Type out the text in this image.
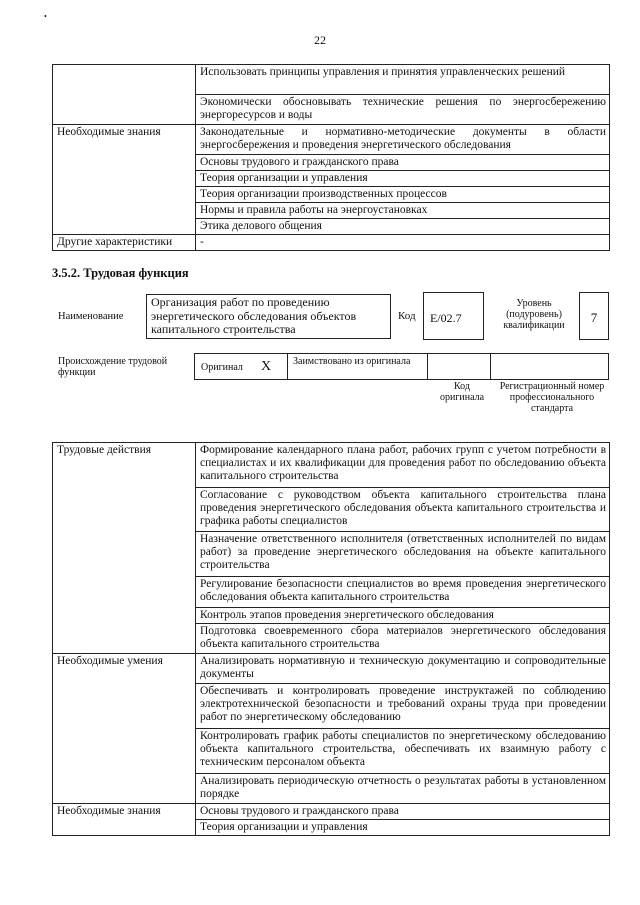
•
22
	Использовать принципы управления и принятия управленческих решений
	Экономически обосновывать технические решения по энергосбережению энергоресурсов и воды
Необходимые знания	Законодательные и нормативно-методические документы в области энергосбережения и проведения энергетического обследования
	Основы трудового и гражданского права
	Теория организации и управления
	Теория организации производственных процессов
	Нормы и правила работы на энергоустановках
	Этика делового общения
Другие характеристики	-
3.5.2. Трудовая функция
Наименование
Организация работ по проведению энергетического обследования объектов капитального строительства
Код	E/02.7
Уровень (подуровень) квалификации
7
Происхождение трудовой функции	Оригинал X Заимствовано из оригинала
Код оригинала
Регистрационный номер профессионального стандарта
Трудовые действия	Формирование календарного плана работ, рабочих групп с учетом потребности в специалистах и их квалификации для проведения работ по обследованию объекта капитального строительства
	Согласование с руководством объекта капитального строительства плана проведения энергетического обследования объекта капитального строительства и графика работы специалистов
	Назначение ответственного исполнителя (ответственных исполнителей по видам работ) за проведение энергетического обследования на объекте капитального строительства
	Регулирование безопасности специалистов во время проведения энергетического обследования объекта капитального строительства
	Контроль этапов проведения энергетического обследования
	Подготовка своевременного сбора материалов энергетического обследования объекта капитального строительства
Необходимые умения	Анализировать нормативную и техническую документацию и сопроводительные документы
	Обеспечивать и контролировать проведение инструктажей по соблюдению электротехнической безопасности и требований охраны труда при проведении работ по энергетическому обследованию
	Контролировать график работы специалистов по энергетическому обследованию объекта капитального строительства, обеспечивать их взаимную работу с техническим персоналом объекта
	Анализировать периодическую отчетность о результатах работы в установленном порядке
Необходимые знания	Основы трудового и гражданского права
	Теория организации и управления
